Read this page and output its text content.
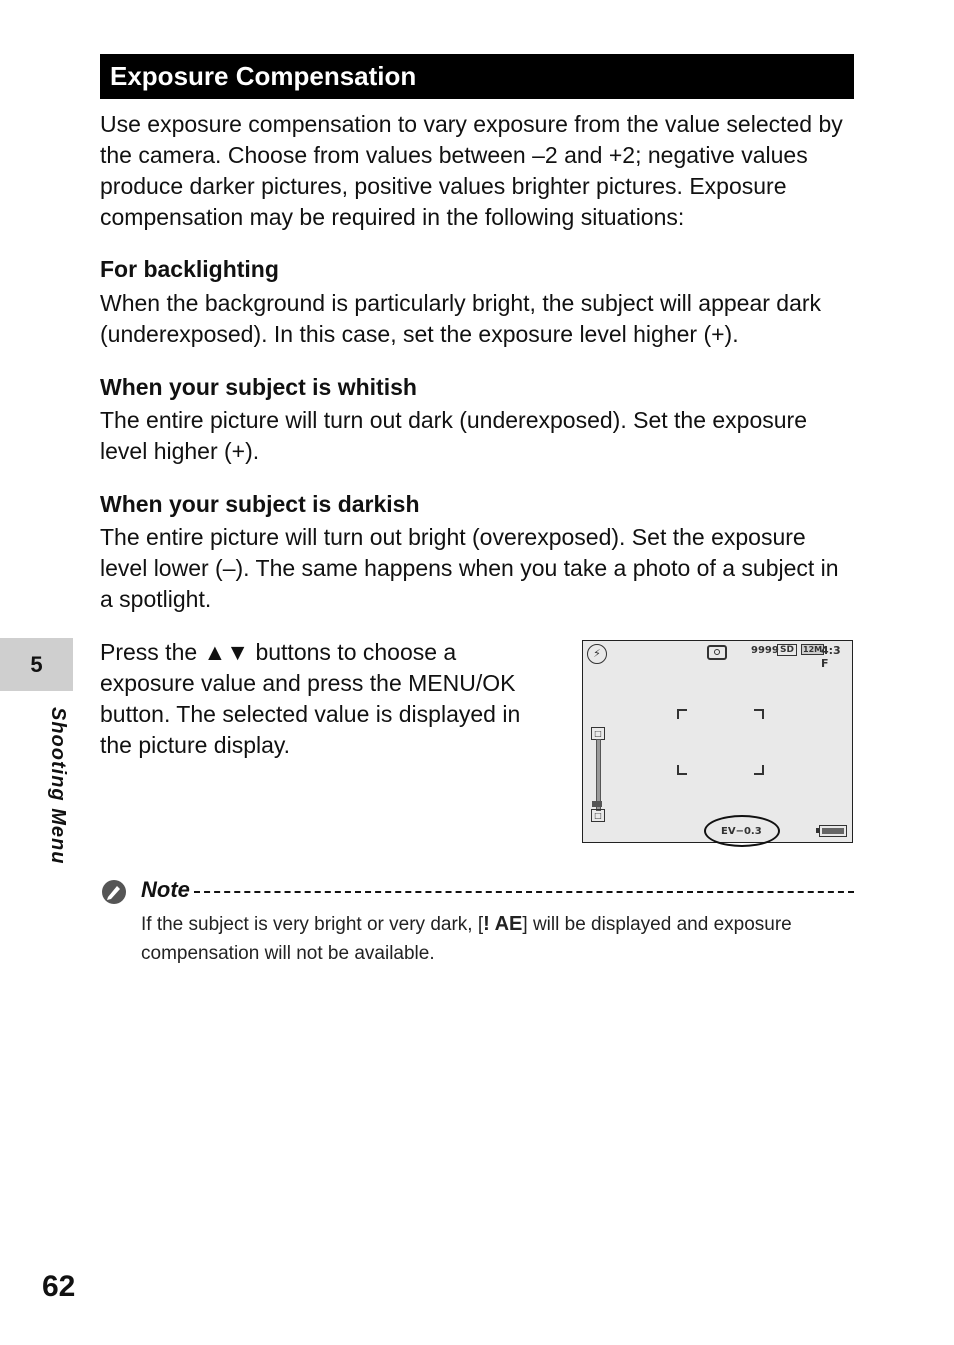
Exposure Compensation

Use exposure compensation to vary exposure from the value selected by the camera. Choose from values between –2 and +2; negative values produce darker pictures, positive values brighter pictures. Exposure compensation may be required in the following situations:

For backlighting

When the background is particularly bright, the subject will appear dark (underexposed). In this case, set the exposure level higher (+).

When your subject is whitish

The entire picture will turn out dark (underexposed). Set the exposure level higher (+).

When your subject is darkish

The entire picture will turn out bright (overexposed). Set the exposure level lower (–). The same happens when you take a photo of a subject in a spotlight.

Press the ▲▼ buttons to choose a exposure value and press the MENU/OK button. The selected value is displayed in the picture display.

⚡	9999 SD	12M
4:3 F
□
□
EV−0.3
5
Shooting Menu
Note

If the subject is very bright or very dark, [! AE] will be displayed and exposure compensation will not be available.

62
